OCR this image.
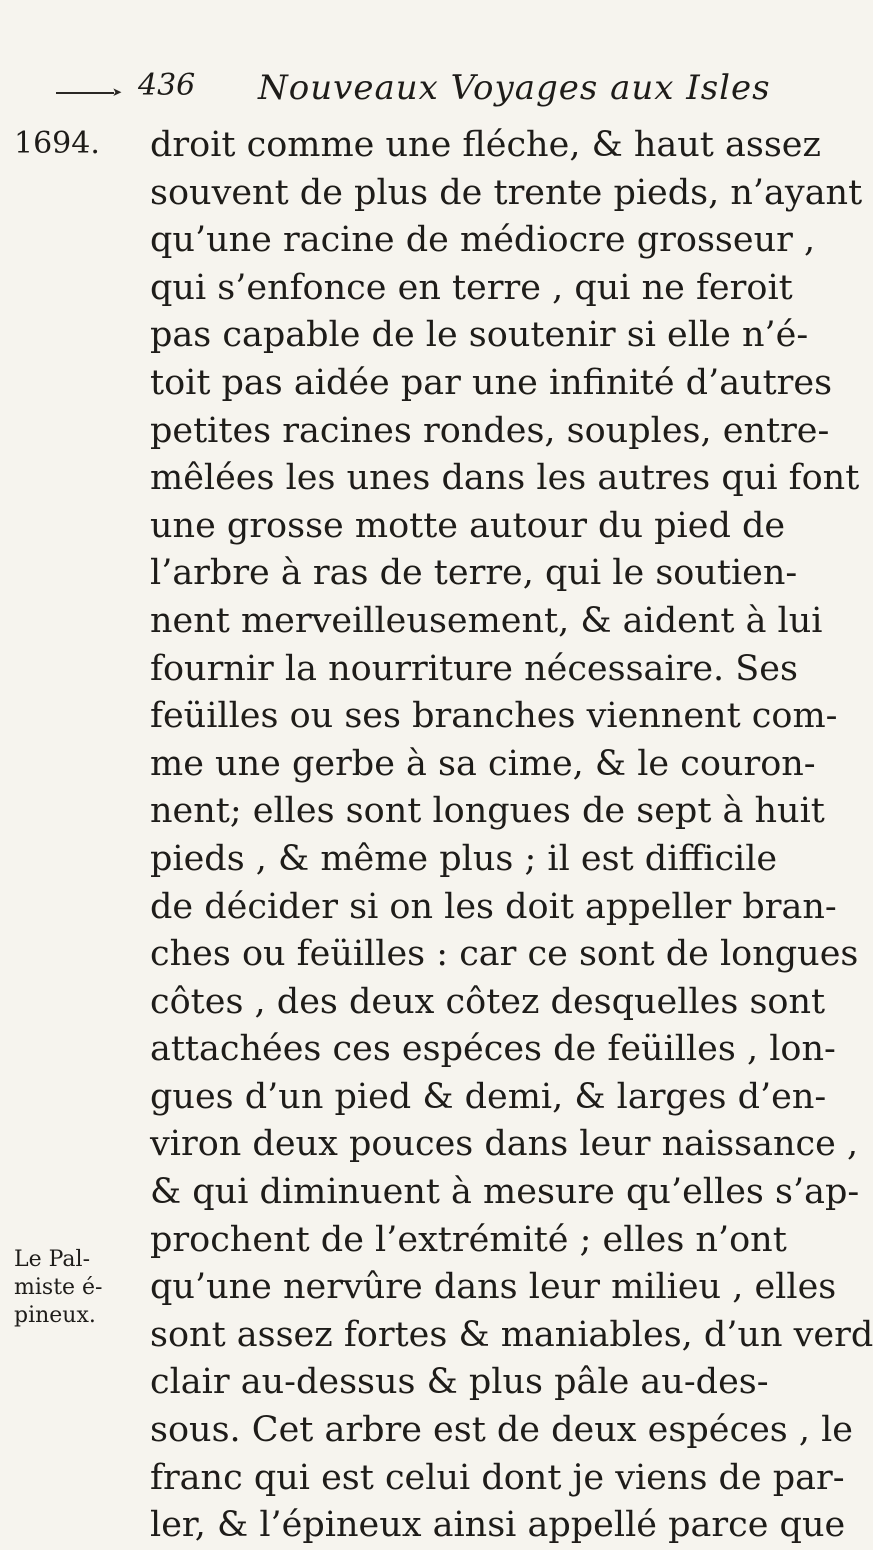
➤ 436 Nouveaux Voyages aux Isles
1694. droit comme une fléche, & haut assez
souvent de plus de trente pieds, n’ayant
qu’une racine de médiocre grosseur ,
qui s’enfonce en terre , qui ne feroit
pas capable de le soutenir si elle n’é-
toit pas aidée par une infinité d’autres
petites racines rondes, souples, entre-
mêlées les unes dans les autres qui font
une grosse motte autour du pied de
l’arbre à ras de terre, qui le soutien-
nent merveilleusement, & aident à lui
fournir la nourriture nécessaire. Ses
feüilles ou ses branches viennent com-
me une gerbe à sa cime, & le couron-
nent; elles sont longues de sept à huit
pieds , & même plus ; il est difficile
de décider si on les doit appeller bran-
ches ou feüilles : car ce sont de longues
côtes , des deux côtez desquelles sont
attachées ces espéces de feüilles , lon-
gues d’un pied & demi, & larges d’en-
viron deux pouces dans leur naissance ,
& qui diminuent à mesure qu’elles s’ap-
prochent de l’extrémité ; elles n’ont
qu’une nervûre dans leur milieu , elles
sont assez fortes & maniables, d’un verd
clair au-dessus & plus pâle au-des-
sous. Cet arbre est de deux espéces , le
franc qui est celui dont je viens de par-
ler, & l’épineux ainsi appellé parce que
Le Pal-
miste é-
pineux.
